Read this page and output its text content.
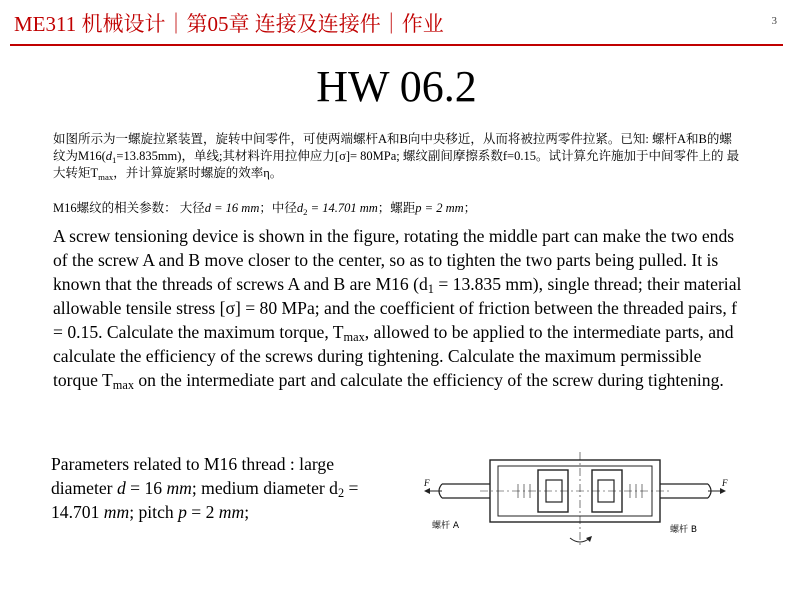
ME311 机械设计｜第05章 连接及连接件｜作业	3
HW 06.2
如图所示为一螺旋拉紧装置，旋转中间零件，可使两端螺杆A和B向中央移近，从而将被拉两零件拉紧。已知: 螺杆A和B的螺纹为$M16(d_1=13.835mm)$，单线;其材料许用拉伸应力[σ]= 80MPa; 螺纹副间摩擦系数f=0.15。试计算允许施加于中间零件上的 最大转矩$T_{max}$，并计算旋紧时螺旋的效率η。
M16螺纹的相关参数： 大径d = 16 mm；中径$d_2 = 14.701$ mm；螺距p = 2 mm；
A screw tensioning device is shown in the figure, rotating the middle part can make the two ends of the screw A and B move closer to the center, so as to tighten the two parts being pulled. It is known that the threads of screws A and B are M16 ($d_1 = 13.835$ mm), single thread; their material allowable tensile stress [σ] = 80 MPa; and the coefficient of friction between the threaded pairs, f = 0.15. Calculate the maximum torque, $T_{max}$, allowed to be applied to the intermediate parts, and calculate the efficiency of the screws during tightening. Calculate the maximum permissible torque $T_{max}$ on the intermediate part and calculate the efficiency of the screw during tightening.
Parameters related to M16 thread : large diameter d = 16 mm; medium diameter $d_2 = 14.701$ mm; pitch p = 2 mm;
F	F
螺杆 A	螺杆 B
